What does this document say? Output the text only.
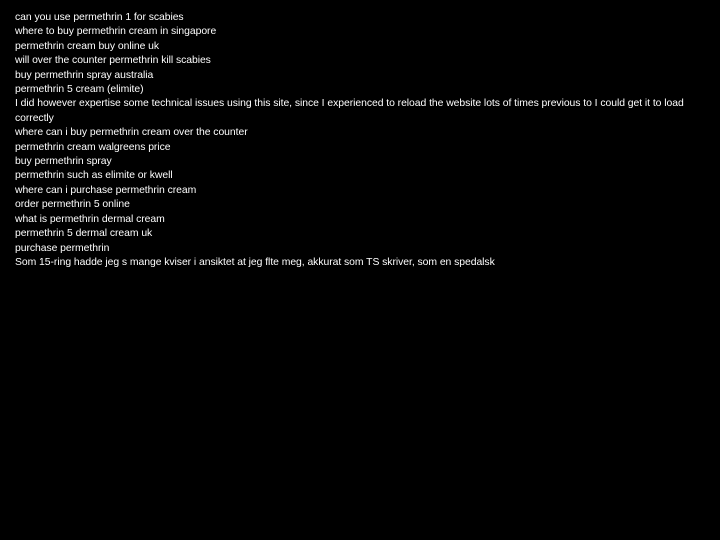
can you use permethrin 1 for scabies
where to buy permethrin cream in singapore
permethrin cream buy online uk
will over the counter permethrin kill scabies
buy permethrin spray australia
permethrin 5 cream (elimite)
I did however expertise some technical issues using this site, since I experienced to reload the website lots of times previous to I could get it to load correctly
where can i buy permethrin cream over the counter
permethrin cream walgreens price
buy permethrin spray
permethrin such as elimite or kwell
where can i purchase permethrin cream
order permethrin 5 online
what is permethrin dermal cream
permethrin 5 dermal cream uk
purchase permethrin
Som 15-ring hadde jeg s mange kviser i ansiktet at jeg flte meg, akkurat som TS skriver, som en spedalsk
